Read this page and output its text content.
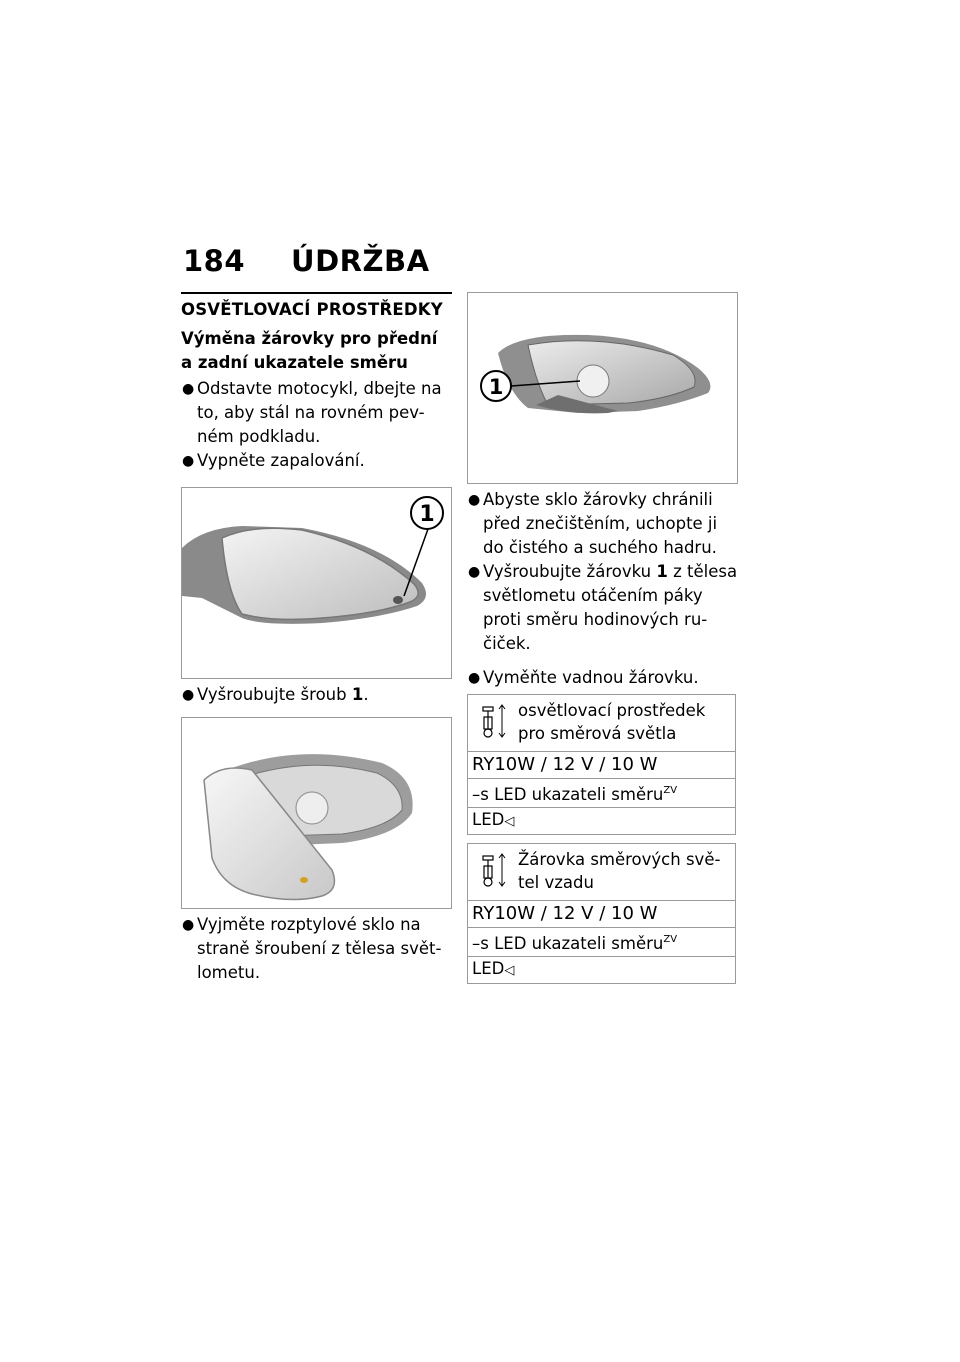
184 ÚDRŽBA
OSVĚTLOVACÍ PROSTŘEDKY
Výměna žárovky pro přední
a zadní ukazatele směru
● Odstavte motocykl, dbejte na to, aby stál na rovném pev-ném podkladu.
● Vypněte zapalování.
1
● Vyšroubujte šroub 1.
● Vyjměte rozptylové sklo na straně šroubení z tělesa svět-lometu.
1
● Abyste sklo žárovky chránili před znečištěním, uchopte ji do čistého a suchého hadru.
● Vyšroubujte žárovku 1 z tělesa světlometu otáčením páky proti směru hodinových ru-čiček.
● Vyměňte vadnou žárovku.
osvětlovací prostředek pro směrová světla
RY10W / 12 V / 10 W
–s LED ukazateli směru$^{ZV}$
LED◁
Žárovka směrových svě-tel vzadu
RY10W / 12 V / 10 W
–s LED ukazateli směru$^{ZV}$
LED◁
